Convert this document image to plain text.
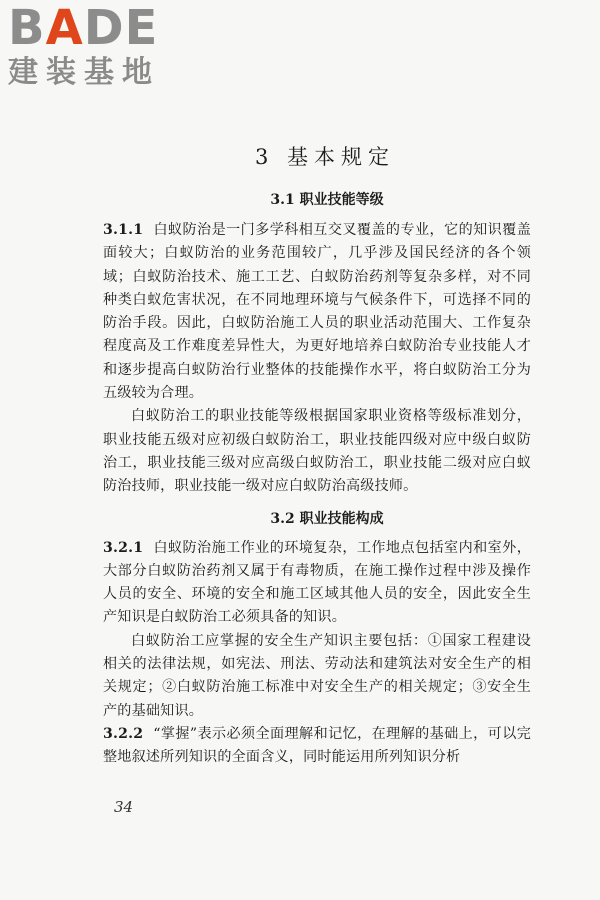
BADE
建装基地
3 基本规定
3.1 职业技能等级

3.1.1 白蚁防治是一门多学科相互交叉覆盖的专业，它的知识覆盖面较大；白蚁防治的业务范围较广，几乎涉及国民经济的各个领域；白蚁防治技术、施工工艺、白蚁防治药剂等复杂多样，对不同种类白蚁危害状况，在不同地理环境与气候条件下，可选择不同的防治手段。因此，白蚁防治施工人员的职业活动范围大、工作复杂程度高及工作难度差异性大，为更好地培养白蚁防治专业技能人才和逐步提高白蚁防治行业整体的技能操作水平，将白蚁防治工分为五级较为合理。

白蚁防治工的职业技能等级根据国家职业资格等级标准划分，职业技能五级对应初级白蚁防治工，职业技能四级对应中级白蚁防治工，职业技能三级对应高级白蚁防治工，职业技能二级对应白蚁防治技师，职业技能一级对应白蚁防治高级技师。

3.2 职业技能构成

3.2.1 白蚁防治施工作业的环境复杂，工作地点包括室内和室外，大部分白蚁防治药剂又属于有毒物质，在施工操作过程中涉及操作人员的安全、环境的安全和施工区域其他人员的安全，因此安全生产知识是白蚁防治工必须具备的知识。

白蚁防治工应掌握的安全生产知识主要包括：①国家工程建设相关的法律法规，如宪法、刑法、劳动法和建筑法对安全生产的相关规定；②白蚁防治施工标准中对安全生产的相关规定；③安全生产的基础知识。

3.2.2 “掌握”表示必须全面理解和记忆，在理解的基础上，可以完整地叙述所列知识的全面含义，同时能运用所列知识分析

34
